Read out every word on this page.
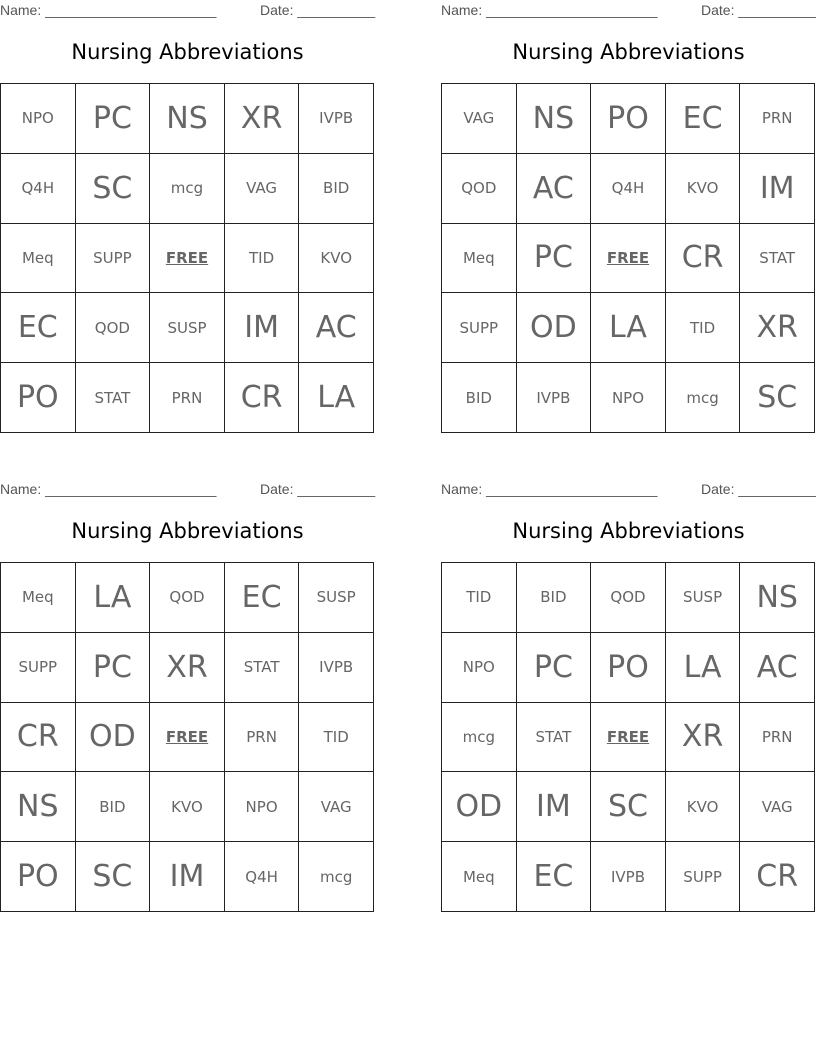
Name: ______________________	Date: __________
Nursing Abbreviations
NPO	PC	NS	XR	IVPB
Q4H	SC	mcg	VAG	BID
Meq	SUPP	FREE	TID	KVO
EC	QOD	SUSP	IM	AC
PO	STAT	PRN	CR	LA
Name: ______________________	Date: __________
Nursing Abbreviations
VAG	NS	PO	EC	PRN
QOD	AC	Q4H	KVO	IM
Meq	PC	FREE	CR	STAT
SUPP	OD	LA	TID	XR
BID	IVPB	NPO	mcg	SC
Name: ______________________	Date: __________
Nursing Abbreviations
Meq	LA	QOD	EC	SUSP
SUPP	PC	XR	STAT	IVPB
CR	OD	FREE	PRN	TID
NS	BID	KVO	NPO	VAG
PO	SC	IM	Q4H	mcg
Name: ______________________	Date: __________
Nursing Abbreviations
TID	BID	QOD	SUSP	NS
NPO	PC	PO	LA	AC
mcg	STAT	FREE	XR	PRN
OD	IM	SC	KVO	VAG
Meq	EC	IVPB	SUPP	CR
